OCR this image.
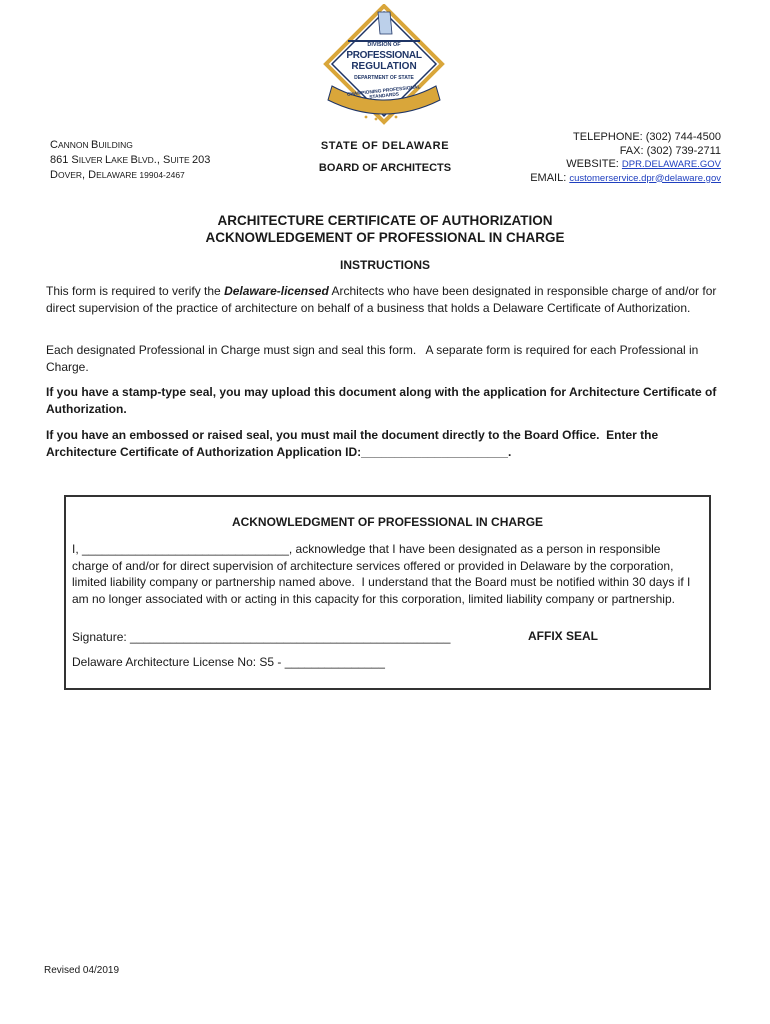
DIVISION OF
PROFESSIONAL
REGULATION
DEPARTMENT OF STATE
CHAMPIONING PROFESSIONAL STANDARDS
CANNON BUILDING
861 SILVER LAKE BLVD., SUITE 203
DOVER, DELAWARE 19904-2467
STATE OF DELAWARE
BOARD OF ARCHITECTS
TELEPHONE: (302) 744-4500
FAX: (302) 739-2711
WEBSITE: DPR.DELAWARE.GOV
EMAIL: customerservice.dpr@delaware.gov
ARCHITECTURE CERTIFICATE OF AUTHORIZATION
ACKNOWLEDGEMENT OF PROFESSIONAL IN CHARGE
INSTRUCTIONS
This form is required to verify the Delaware-licensed Architects who have been designated in responsible charge of and/or for direct supervision of the practice of architecture on behalf of a business that holds a Delaware Certificate of Authorization.
Each designated Professional in Charge must sign and seal this form.   A separate form is required for each Professional in Charge.
If you have a stamp-type seal, you may upload this document along with the application for Architecture Certificate of Authorization.
If you have an embossed or raised seal, you must mail the document directly to the Board Office.  Enter the Architecture Certificate of Authorization Application ID:______________________.
ACKNOWLEDGMENT OF PROFESSIONAL IN CHARGE
I, _______________________________, acknowledge that I have been designated as a person in responsible charge of and/or for direct supervision of architecture services offered or provided in Delaware by the corporation, limited liability company or partnership named above.  I understand that the Board must be notified within 30 days if I am no longer associated with or acting in this capacity for this corporation, limited liability company or partnership.
Signature: ________________________________________________	AFFIX SEAL
Delaware Architecture License No: S5 - _______________
Revised 04/2019
